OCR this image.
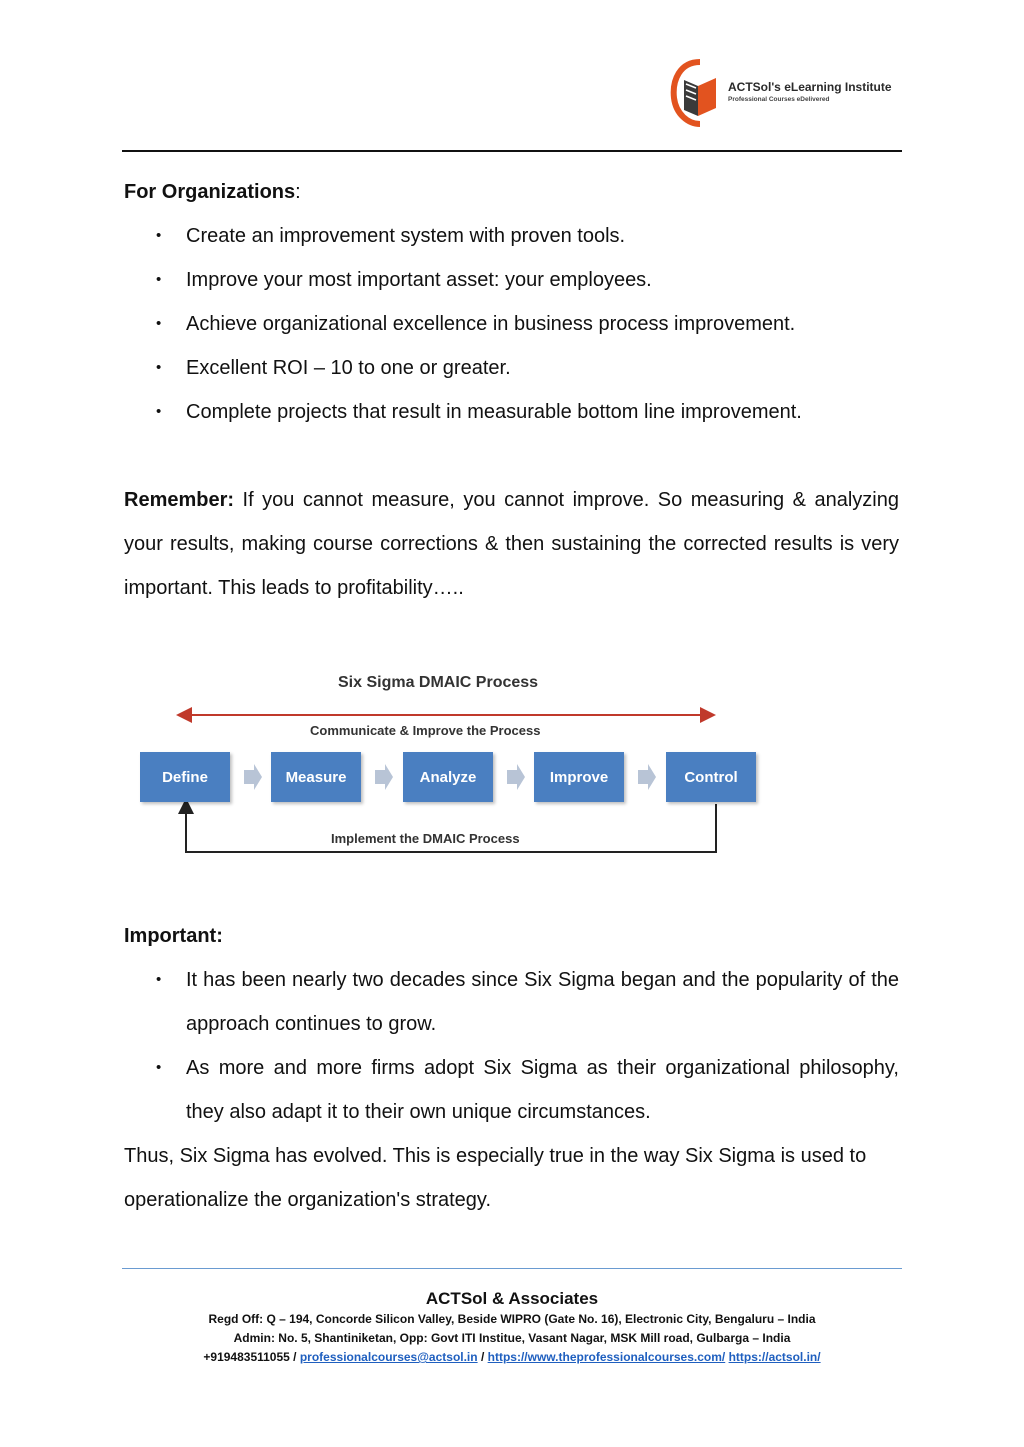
ACTSol's eLearning Institute
Professional Courses eDelivered
For Organizations:
• Create an improvement system with proven tools.
• Improve your most important asset: your employees.
• Achieve organizational excellence in business process improvement.
• Excellent ROI – 10 to one or greater.
• Complete projects that result in measurable bottom line improvement.
Remember: If you cannot measure, you cannot improve. So measuring & analyzing your results, making course corrections & then sustaining the corrected results is very important. This leads to profitability…..
Six Sigma DMAIC Process
Communicate & Improve the Process
Define	Measure	Analyze	Improve	Control
Implement the DMAIC Process
Important:
• It has been nearly two decades since Six Sigma began and the popularity of the approach continues to grow.
• As more and more firms adopt Six Sigma as their organizational philosophy, they also adapt it to their own unique circumstances.
Thus, Six Sigma has evolved. This is especially true in the way Six Sigma is used to operationalize the organization's strategy.
ACTSol & Associates
Regd Off: Q – 194, Concorde Silicon Valley, Beside WIPRO (Gate No. 16), Electronic City, Bengaluru – India
Admin: No. 5, Shantiniketan, Opp: Govt ITI Institue, Vasant Nagar, MSK Mill road, Gulbarga – India
+919483511055 / professionalcourses@actsol.in / https://www.theprofessionalcourses.com/ https://actsol.in/
